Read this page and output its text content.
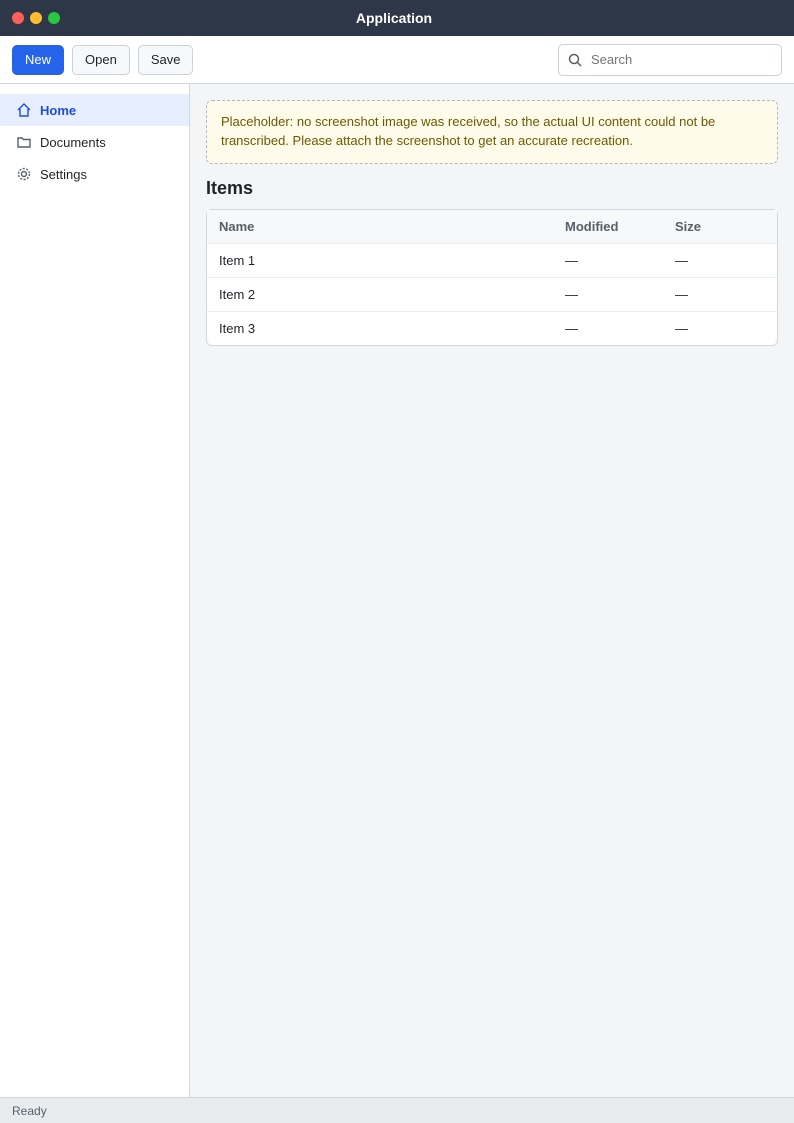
Application
New	Open	Save
Search
Home
Documents
Settings
Placeholder: no screenshot image was received, so the actual UI content could not be transcribed. Please attach the screenshot to get an accurate recreation.
Items
Name	Modified	Size
Item 1	—	—
Item 2	—	—
Item 3	—	—
Ready
